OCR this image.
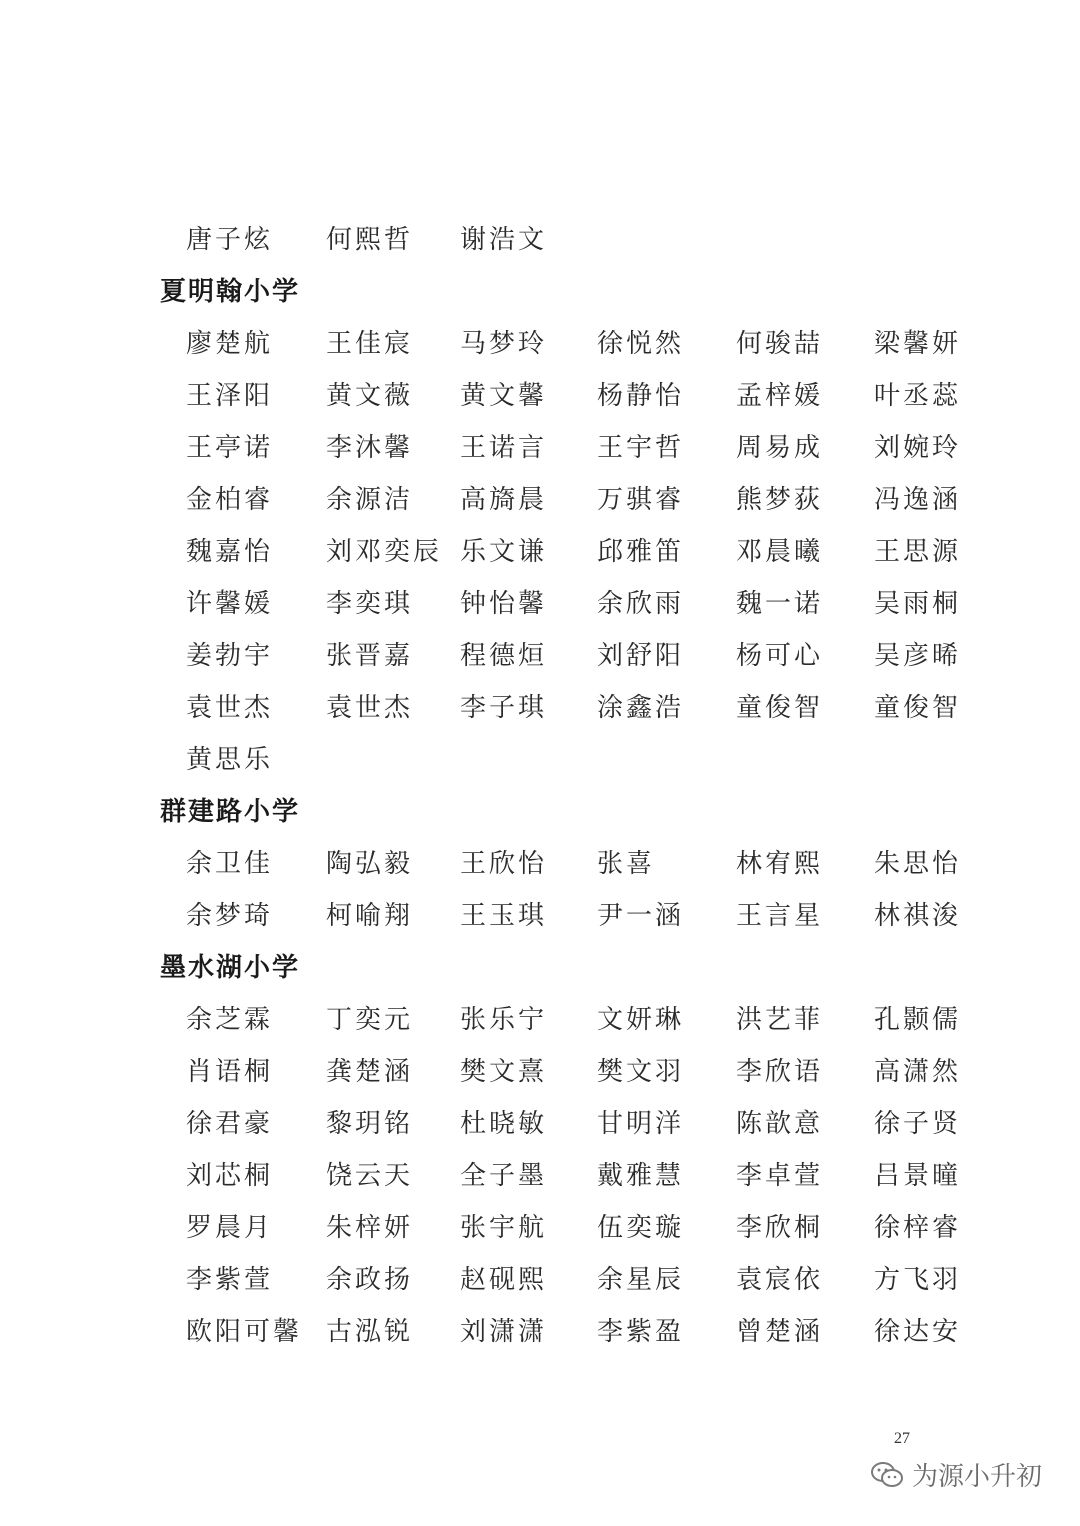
唐子炫 何熙哲 谢浩文
夏明翰小学
廖楚航 王佳宸 马梦玲 徐悦然 何骏喆 梁馨妍
王泽阳 黄文薇 黄文馨 杨静怡 孟梓媛 叶丞蕊
王亭诺 李沐馨 王诺言 王宇哲 周易成 刘婉玲
金柏睿 余源洁 高旖晨 万骐睿 熊梦荻 冯逸涵
魏嘉怡 刘邓奕辰 乐文谦 邱雅笛 邓晨曦 王思源
许馨媛 李奕琪 钟怡馨 余欣雨 魏一诺 吴雨桐
姜勃宇 张晋嘉 程德烜 刘舒阳 杨可心 吴彦晞
袁世杰 袁世杰 李子琪 涂鑫浩 童俊智 童俊智
黄思乐
群建路小学
余卫佳 陶弘毅 王欣怡 张喜	林宥熙 朱思怡
余梦琦 柯喻翔 王玉琪 尹一涵 王言星 林祺浚
墨水湖小学
余芝霖 丁奕元 张乐宁 文妍琳 洪艺菲 孔颢儒
肖语桐 龚楚涵 樊文熹 樊文羽 李欣语 高潇然
徐君豪 黎玥铭 杜晓敏 甘明洋 陈歆意 徐子贤
刘芯桐 饶云天 全子墨 戴雅慧 李卓萱 吕景曈
罗晨月 朱梓妍 张宇航 伍奕璇 李欣桐 徐梓睿
李紫萱 余政扬 赵砚熙 余星辰 袁宸依 方飞羽
欧阳可馨 古泓锐 刘潇潇 李紫盈 曾楚涵 徐达安
27
为源小升初
